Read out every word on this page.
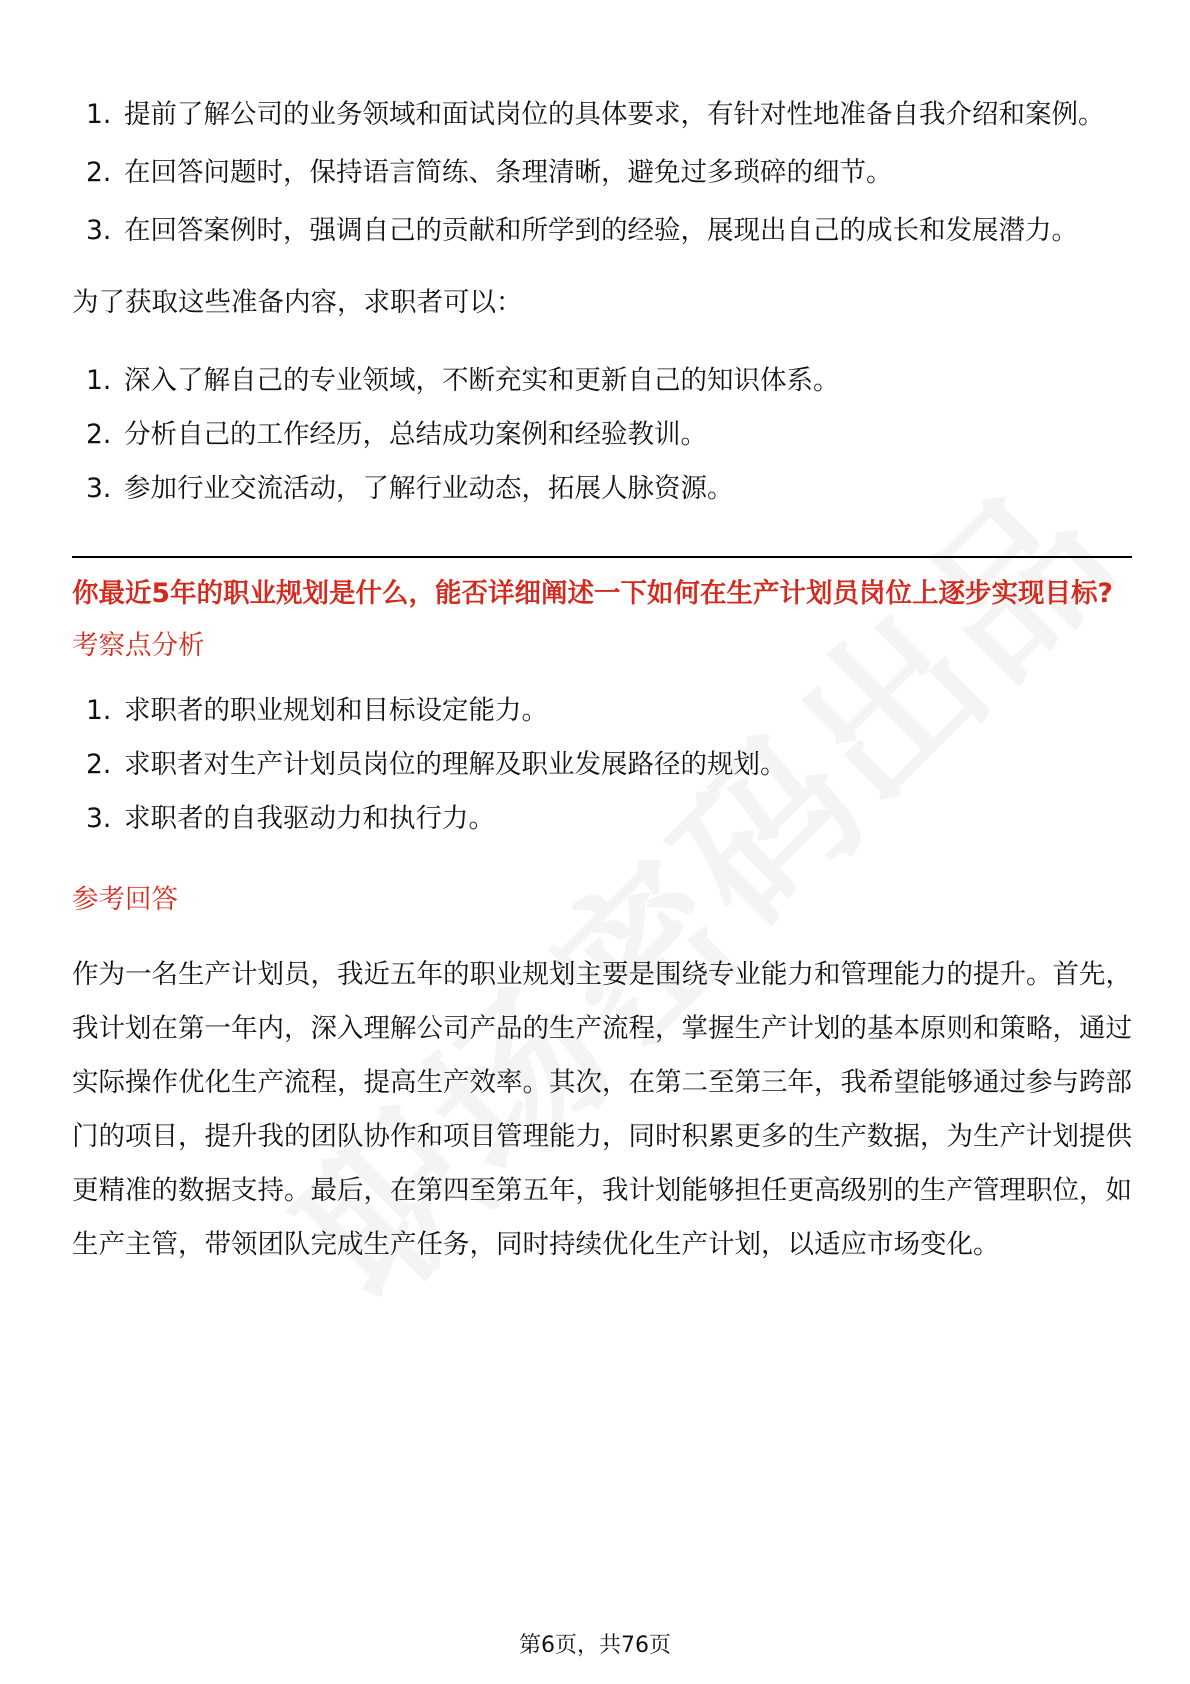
1. 提前了解公司的业务领域和面试岗位的具体要求，有针对性地准备自我介绍和案例。
2. 在回答问题时，保持语言简练、条理清晰，避免过多琐碎的细节。
3. 在回答案例时，强调自己的贡献和所学到的经验，展现出自己的成长和发展潜力。

为了获取这些准备内容，求职者可以：

1. 深入了解自己的专业领域，不断充实和更新自己的知识体系。
2. 分析自己的工作经历，总结成功案例和经验教训。
3. 参加行业交流活动，了解行业动态，拓展人脉资源。

你最近5年的职业规划是什么，能否详细阐述一下如何在生产计划员岗位上逐步实现目标?

考察点分析

1. 求职者的职业规划和目标设定能力。
2. 求职者对生产计划员岗位的理解及职业发展路径的规划。
3. 求职者的自我驱动力和执行力。

参考回答

作为一名生产计划员，我近五年的职业规划主要是围绕专业能力和管理能力的提升。首先，我计划在第一年内，深入理解公司产品的生产流程，掌握生产计划的基本原则和策略，通过实际操作优化生产流程，提高生产效率。其次，在第二至第三年，我希望能够通过参与跨部门的项目，提升我的团队协作和项目管理能力，同时积累更多的生产数据，为生产计划提供更精准的数据支持。最后，在第四至第五年，我计划能够担任更高级别的生产管理职位，如生产主管，带领团队完成生产任务，同时持续优化生产计划，以适应市场变化。

第6页，共76页
